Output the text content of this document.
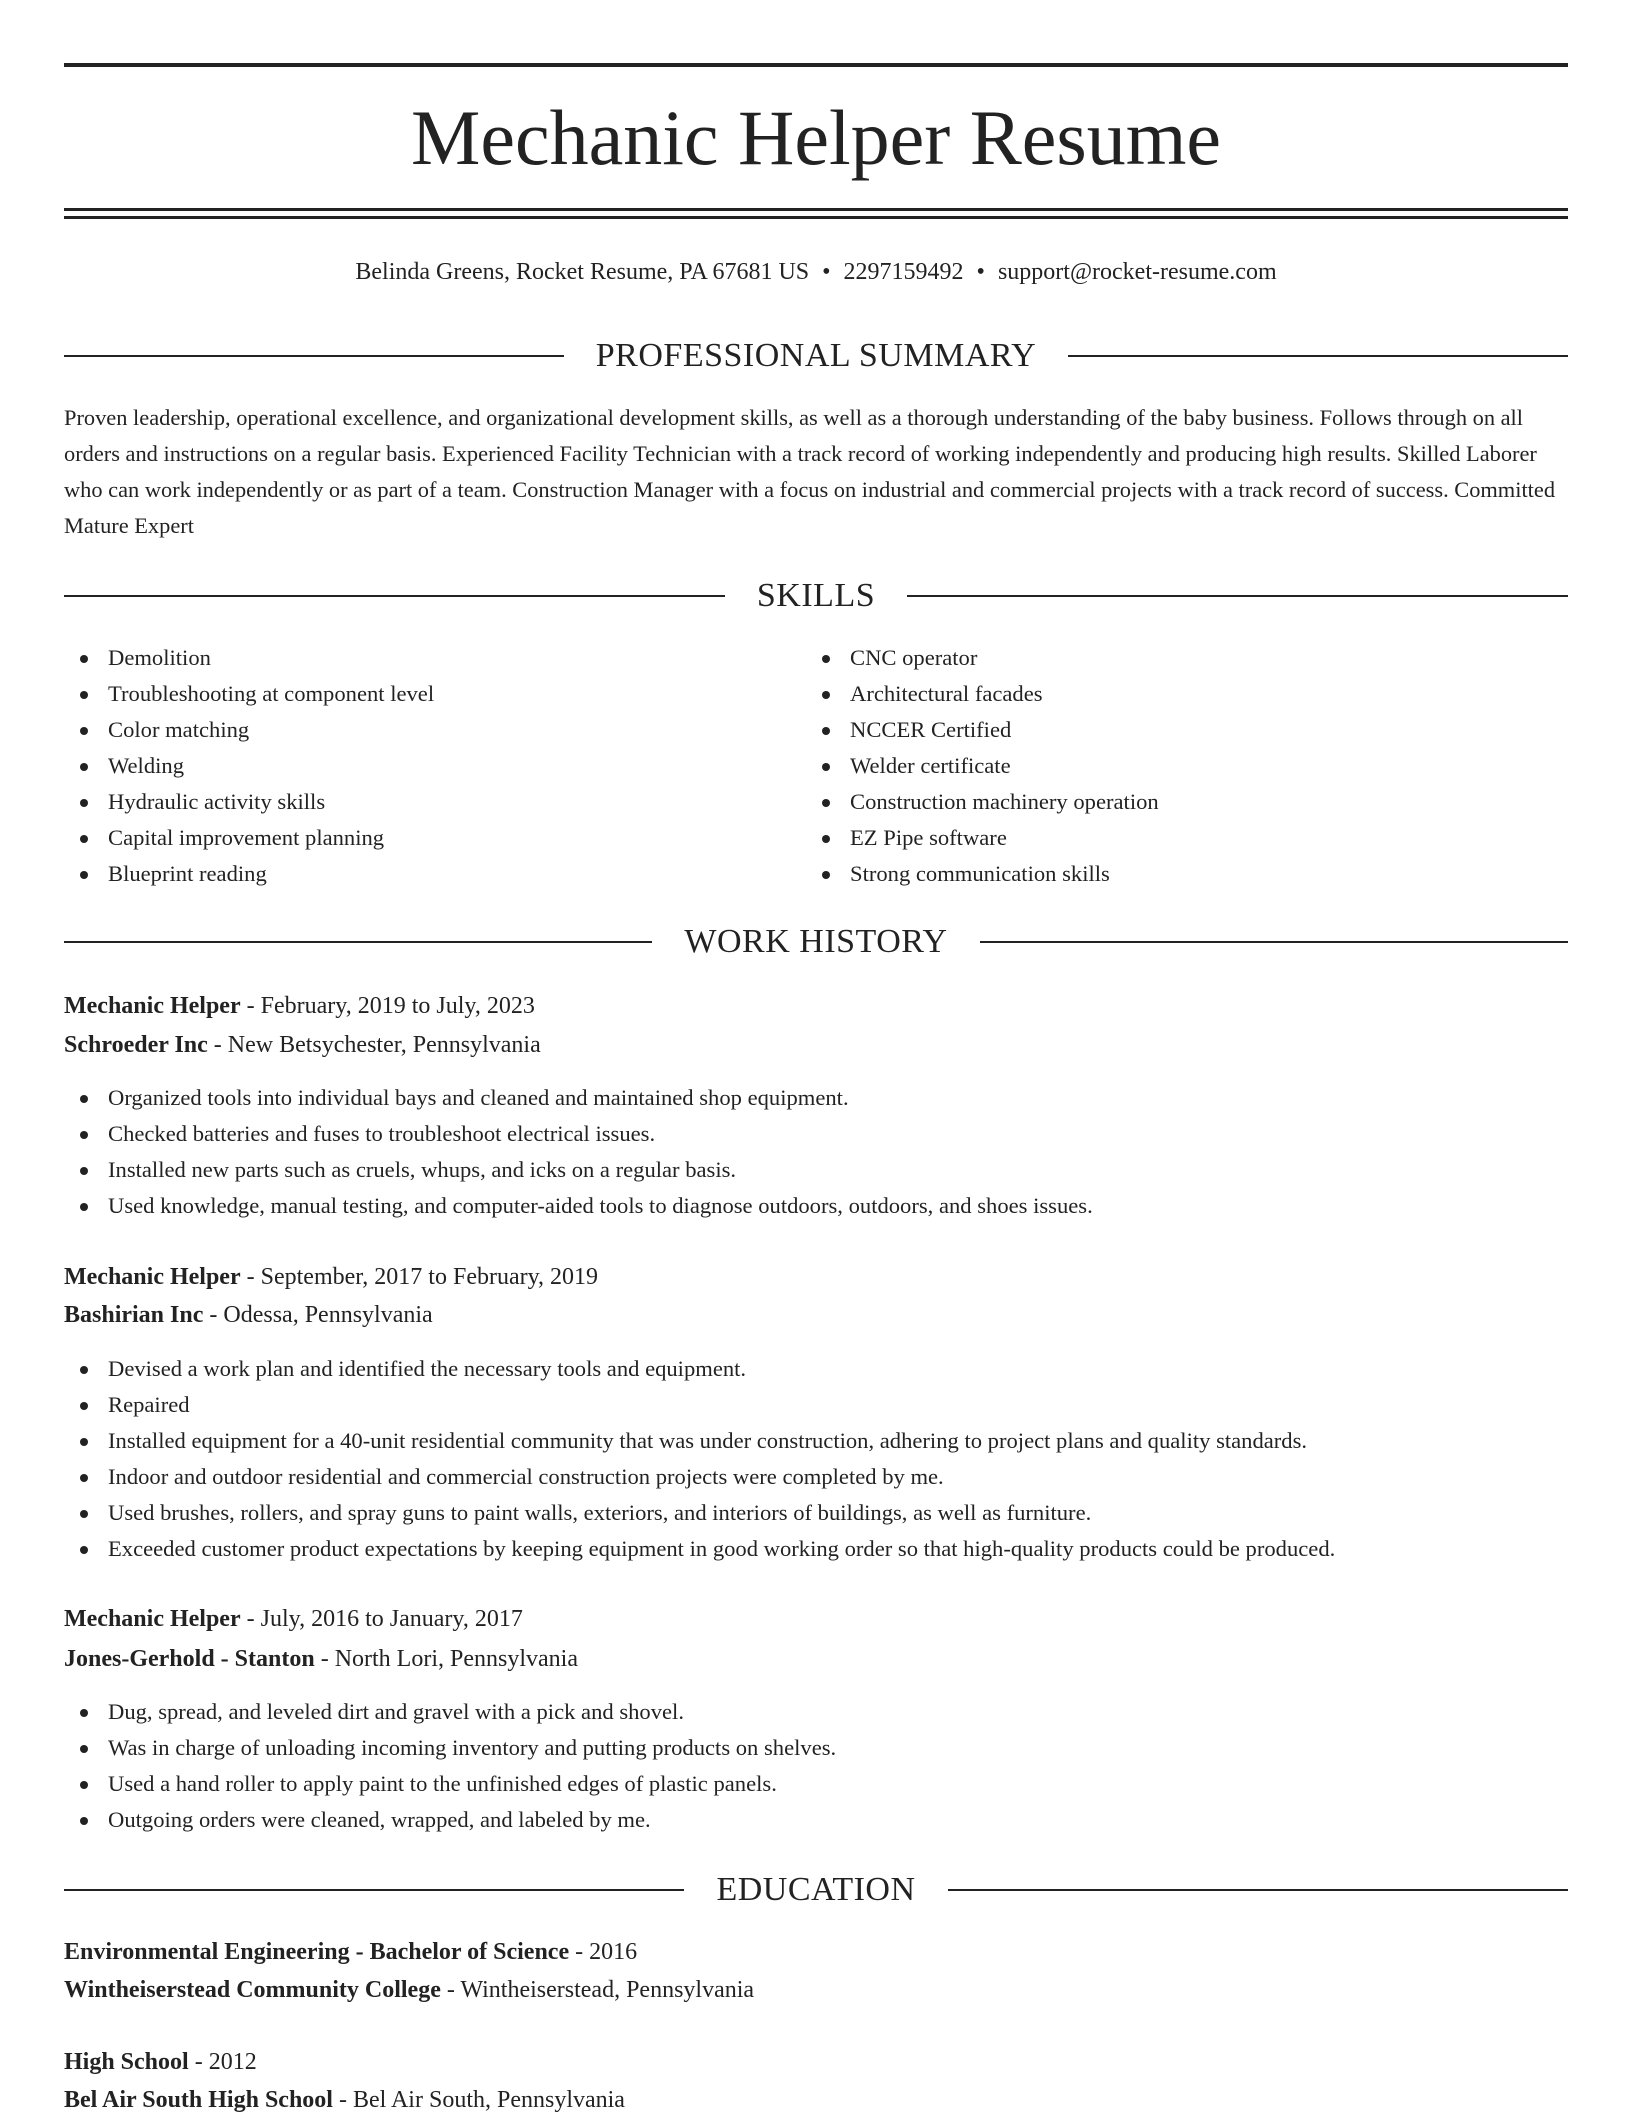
Mechanic Helper Resume
Belinda Greens, Rocket Resume, PA 67681 US • 2297159492 • support@rocket-resume.com
PROFESSIONAL SUMMARY
Proven leadership, operational excellence, and organizational development skills, as well as a thorough understanding of the baby business. Follows through on all orders and instructions on a regular basis. Experienced Facility Technician with a track record of working independently and producing high results. Skilled Laborer who can work independently or as part of a team. Construction Manager with a focus on industrial and commercial projects with a track record of success. Committed Mature Expert
SKILLS
Demolition
Troubleshooting at component level
Color matching
Welding
Hydraulic activity skills
Capital improvement planning
Blueprint reading
CNC operator
Architectural facades
NCCER Certified
Welder certificate
Construction machinery operation
EZ Pipe software
Strong communication skills
WORK HISTORY
Mechanic Helper - February, 2019 to July, 2023
Schroeder Inc - New Betsychester, Pennsylvania
Organized tools into individual bays and cleaned and maintained shop equipment.
Checked batteries and fuses to troubleshoot electrical issues.
Installed new parts such as cruels, whups, and icks on a regular basis.
Used knowledge, manual testing, and computer-aided tools to diagnose outdoors, outdoors, and shoes issues.
Mechanic Helper - September, 2017 to February, 2019
Bashirian Inc - Odessa, Pennsylvania
Devised a work plan and identified the necessary tools and equipment.
Repaired
Installed equipment for a 40-unit residential community that was under construction, adhering to project plans and quality standards.
Indoor and outdoor residential and commercial construction projects were completed by me.
Used brushes, rollers, and spray guns to paint walls, exteriors, and interiors of buildings, as well as furniture.
Exceeded customer product expectations by keeping equipment in good working order so that high-quality products could be produced.
Mechanic Helper - July, 2016 to January, 2017
Jones-Gerhold - Stanton - North Lori, Pennsylvania
Dug, spread, and leveled dirt and gravel with a pick and shovel.
Was in charge of unloading incoming inventory and putting products on shelves.
Used a hand roller to apply paint to the unfinished edges of plastic panels.
Outgoing orders were cleaned, wrapped, and labeled by me.
EDUCATION
Environmental Engineering - Bachelor of Science - 2016
Wintheiserstead Community College - Wintheiserstead, Pennsylvania
High School - 2012
Bel Air South High School - Bel Air South, Pennsylvania
